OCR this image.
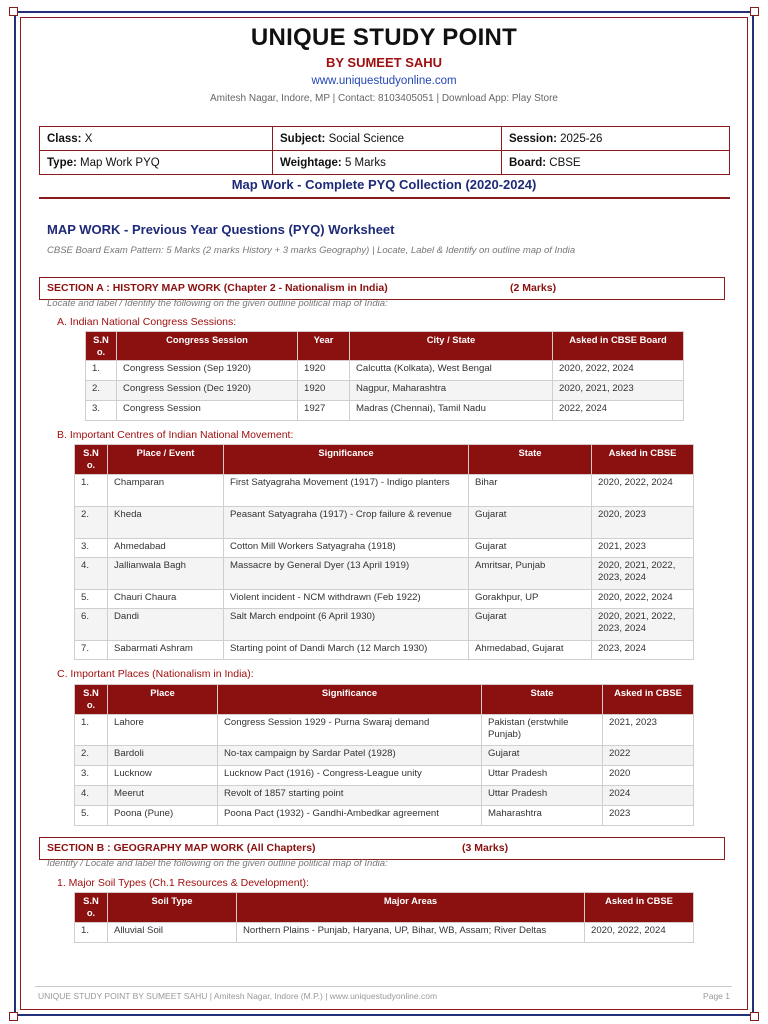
UNIQUE STUDY POINT
BY SUMEET SAHU
www.uniquestudyonline.com
Amitesh Nagar, Indore, MP | Contact: 8103405051 | Download App: Play Store
Class: X	Subject: Social Science	Session: 2025-26
Type: Map Work PYQ	Weightage: 5 Marks	Board: CBSE
Map Work - Complete PYQ Collection (2020-2024)
MAP WORK - Previous Year Questions (PYQ) Worksheet
CBSE Board Exam Pattern: 5 Marks (2 marks History + 3 marks Geography) | Locate, Label & Identify on outline map of India
SECTION A : HISTORY MAP WORK (Chapter 2 - Nationalism in India)	(2 Marks)
Locate and label / Identify the following on the given outline political map of India:
A. Indian National Congress Sessions:
S.N o.	Congress Session	Year	City / State	Asked in CBSE Board
1.	Congress Session (Sep 1920)	1920	Calcutta (Kolkata), West Bengal	2020, 2022, 2024
2.	Congress Session (Dec 1920)	1920	Nagpur, Maharashtra	2020, 2021, 2023
3.	Congress Session	1927	Madras (Chennai), Tamil Nadu	2022, 2024
B. Important Centres of Indian National Movement:
S.N o.	Place / Event	Significance	State	Asked in CBSE
1.	Champaran	First Satyagraha Movement (1917) - Indigo planters	Bihar	2020, 2022, 2024
2.	Kheda	Peasant Satyagraha (1917) - Crop failure & revenue	Gujarat	2020, 2023
3.	Ahmedabad	Cotton Mill Workers Satyagraha (1918)	Gujarat	2021, 2023
4.	Jallianwala Bagh	Massacre by General Dyer (13 April 1919)	Amritsar, Punjab	2020, 2021, 2022, 2023, 2024
5.	Chauri Chaura	Violent incident - NCM withdrawn (Feb 1922)	Gorakhpur, UP	2020, 2022, 2024
6.	Dandi	Salt March endpoint (6 April 1930)	Gujarat	2020, 2021, 2022, 2023, 2024
7.	Sabarmati Ashram	Starting point of Dandi March (12 March 1930)	Ahmedabad, Gujarat	2023, 2024
C. Important Places (Nationalism in India):
S.N o.	Place	Significance	State	Asked in CBSE
1.	Lahore	Congress Session 1929 - Purna Swaraj demand	Pakistan (erstwhile Punjab)	2021, 2023
2.	Bardoli	No-tax campaign by Sardar Patel (1928)	Gujarat	2022
3.	Lucknow	Lucknow Pact (1916) - Congress-League unity	Uttar Pradesh	2020
4.	Meerut	Revolt of 1857 starting point	Uttar Pradesh	2024
5.	Poona (Pune)	Poona Pact (1932) - Gandhi-Ambedkar agreement	Maharashtra	2023
SECTION B : GEOGRAPHY MAP WORK (All Chapters)	(3 Marks)
Identify / Locate and label the following on the given outline political map of India:
1. Major Soil Types (Ch.1 Resources & Development):
S.N o.	Soil Type	Major Areas	Asked in CBSE
1.	Alluvial Soil	Northern Plains - Punjab, Haryana, UP, Bihar, WB, Assam; River Deltas	2020, 2022, 2024
UNIQUE STUDY POINT BY SUMEET SAHU | Amitesh Nagar, Indore (M.P.) | www.uniquestudyonline.com	Page 1
